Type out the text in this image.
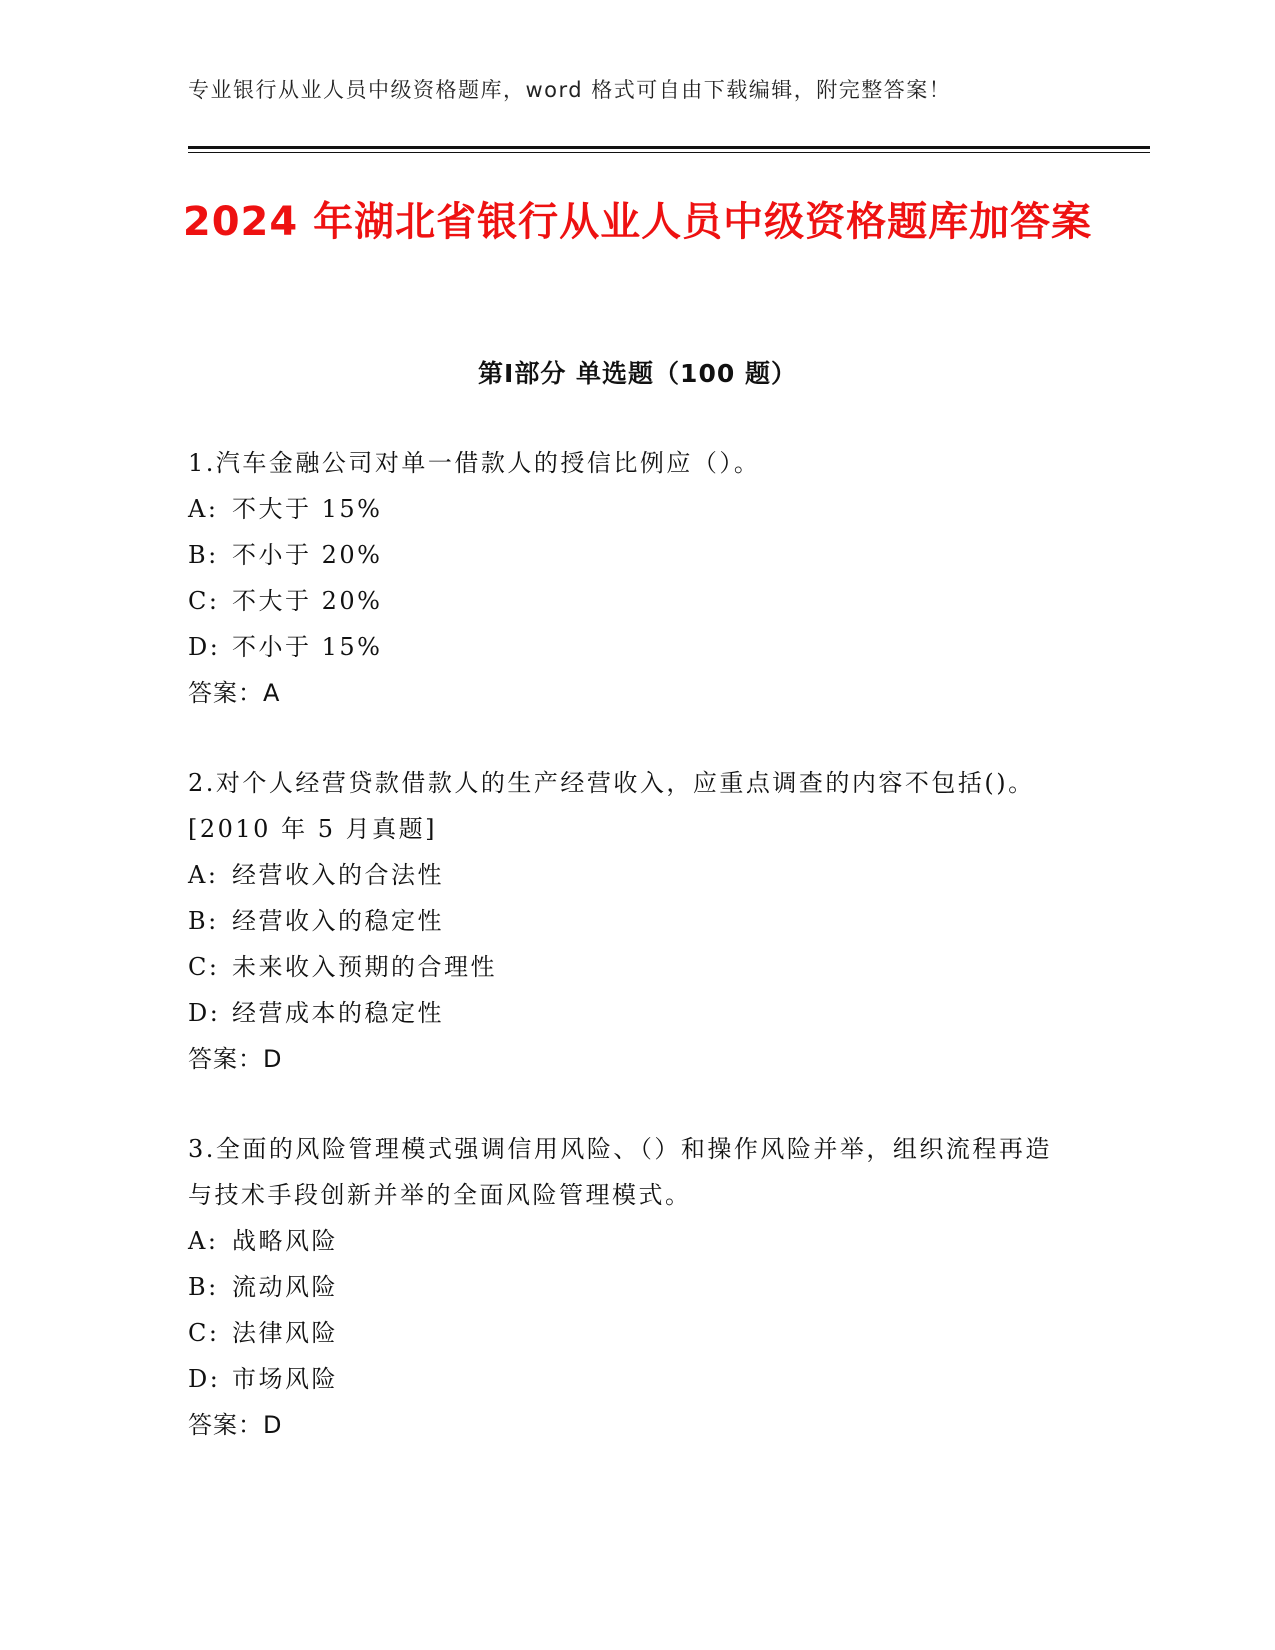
专业银行从业人员中级资格题库，word 格式可自由下载编辑，附完整答案！
2024 年湖北省银行从业人员中级资格题库加答案
第Ⅰ部分 单选题（100 题）
1.汽车金融公司对单一借款人的授信比例应（）。
A: 不大于 15%
B: 不小于 20%
C: 不大于 20%
D: 不小于 15%
答案：A
2.对个人经营贷款借款人的生产经营收入，应重点调查的内容不包括()。[2010 年 5 月真题]
A: 经营收入的合法性
B: 经营收入的稳定性
C: 未来收入预期的合理性
D: 经营成本的稳定性
答案：D
3.全面的风险管理模式强调信用风险、（）和操作风险并举，组织流程再造与技术手段创新并举的全面风险管理模式。
A: 战略风险
B: 流动风险
C: 法律风险
D: 市场风险
答案：D
